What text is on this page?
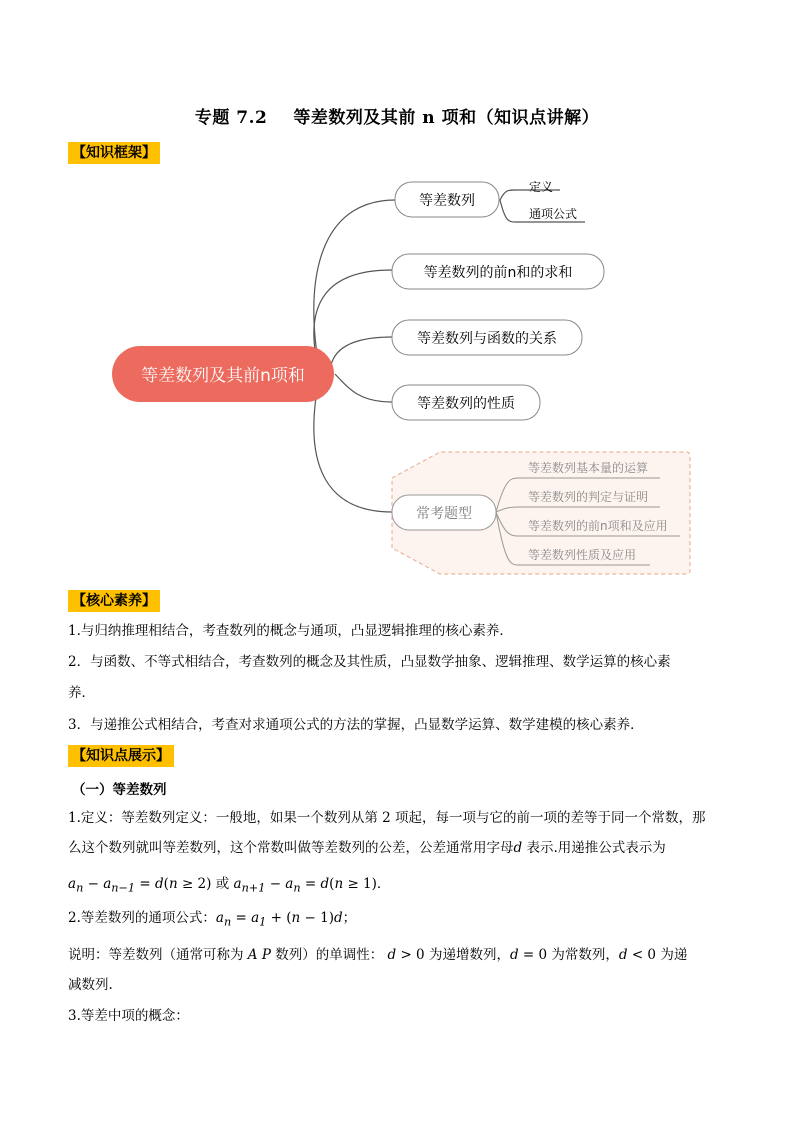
专题 7.2 等差数列及其前 n 项和（知识点讲解）
【知识框架】
等差数列及其前n项和
等差数列
等差数列的前n和的求和
等差数列与函数的关系
等差数列的性质
常考题型
定义
通项公式
等差数列基本量的运算
等差数列的判定与证明
等差数列的前n项和及应用
等差数列性质及应用
【核心素养】
1.与归纳推理相结合，考查数列的概念与通项，凸显逻辑推理的核心素养．
2．与函数、不等式相结合，考查数列的概念及其性质，凸显数学抽象、逻辑推理、数学运算的核心素
养．
3．与递推公式相结合，考查对求通项公式的方法的掌握，凸显数学运算、数学建模的核心素养．
【知识点展示】
（一）等差数列
1.定义：等差数列定义：一般地，如果一个数列从第 2 项起，每一项与它的前一项的差等于同一个常数，那
么这个数列就叫等差数列，这个常数叫做等差数列的公差，公差通常用字母d 表示.用递推公式表示为
$a_n - a_{n-1} = d(n \ge 2)$ 或 $a_{n+1} - a_n = d(n \ge 1)$．
2.等差数列的通项公式：$a_n = a_1 + (n - 1)d$；
说明：等差数列（通常可称为 A P 数列）的单调性： d > 0 为递增数列，d = 0 为常数列，d < 0 为递
减数列.
3.等差中项的概念：
